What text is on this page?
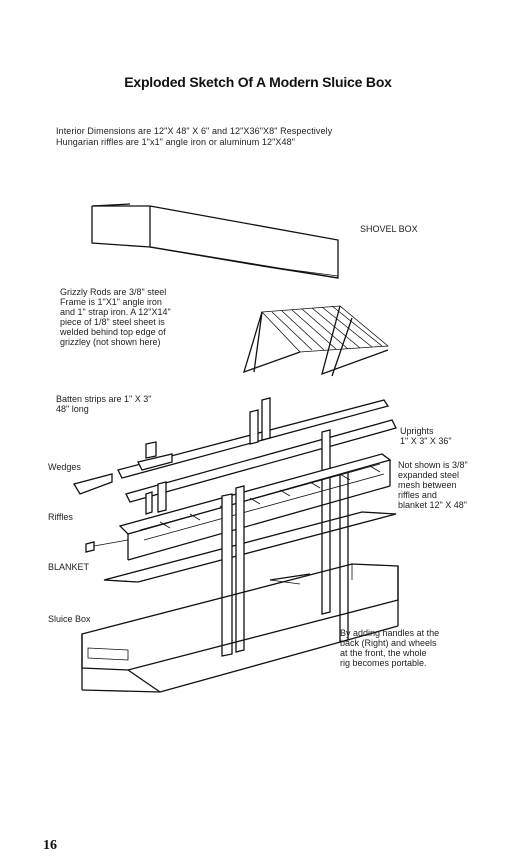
Exploded Sketch Of A Modern Sluice Box
Interior Dimensions are 12"X 48" X 6" and 12"X36"X8" Respectively
Hungarian riffles are 1"x1" angle iron or aluminum 12"X48"
SHOVEL BOX
Grizzly Rods are 3/8" steel
Frame is 1"X1" angle iron
and 1" strap iron. A 12"X14"
piece of 1/8" steel sheet is
welded behind top edge of
grizzley (not shown here)
Batten strips are 1" X 3"
48" long
Uprights
1" X 3" X 36"
Not shown is 3/8"
expanded steel
mesh between
riffles and
blanket 12" X 48"
Wedges
Riffles
BLANKET
Sluice Box
By adding handles at the
back (Right) and wheels
at the front, the whole
rig becomes portable.
16
